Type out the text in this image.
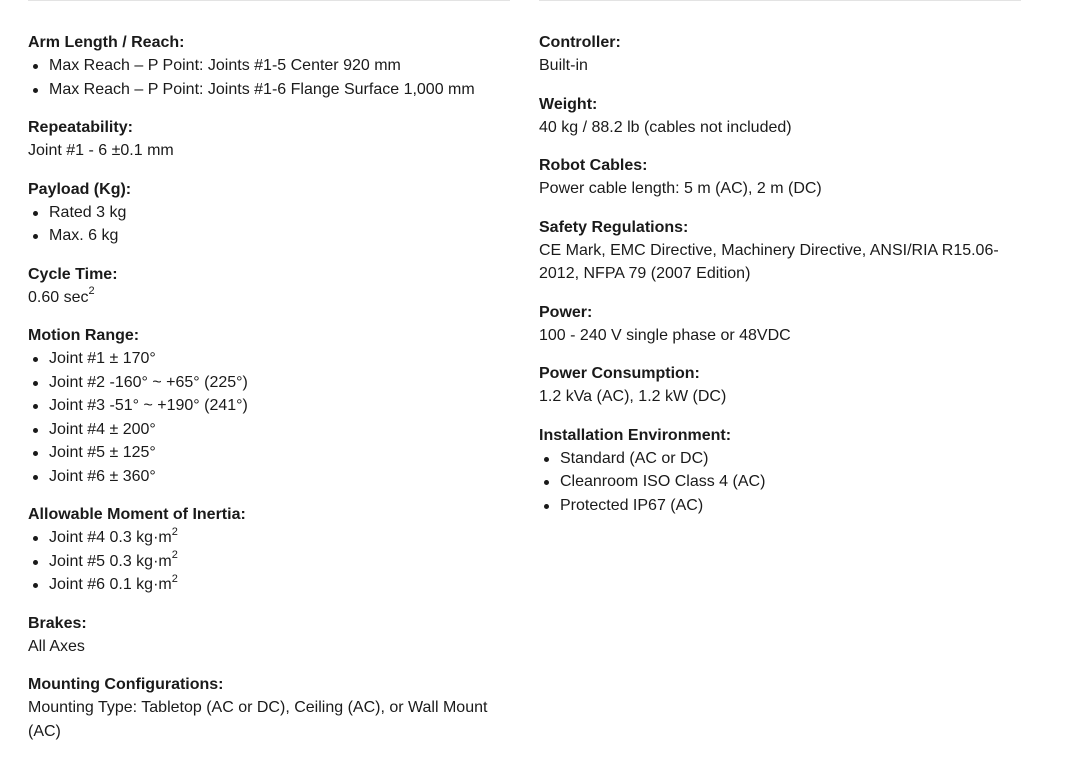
Arm Length / Reach:
Max Reach – P Point: Joints #1-5 Center 920 mm
Max Reach – P Point: Joints #1-6 Flange Surface 1,000 mm
Repeatability:

Joint #1 - 6 ±0.1 mm

Payload (Kg):
Rated 3 kg
Max. 6 kg
Cycle Time:

0.60 $\sec^2$

Motion Range:
Joint #1 ± 170°
Joint #2 -160° ~ +65° (225°)
Joint #3 -51° ~ +190° (241°)
Joint #4 ± 200°
Joint #5 ± 125°
Joint #6 ± 360°
Allowable Moment of Inertia:
Joint #4 0.3 $kg\cdot m^2$
Joint #5 0.3 $kg\cdot m^2$
Joint #6 0.1 $kg\cdot m^2$
Brakes:

All Axes

Mounting Configurations:

Mounting Type: Tabletop (AC or DC), Ceiling (AC), or Wall Mount (AC)

Controller:

Built-in

Weight:

40 kg / 88.2 lb (cables not included)

Robot Cables:

Power cable length: 5 m (AC), 2 m (DC)

Safety Regulations:

CE Mark, EMC Directive, Machinery Directive, ANSI/RIA R15.06-2012, NFPA 79 (2007 Edition)

Power:

100 - 240 V single phase or 48VDC

Power Consumption:

1.2 kVa (AC), 1.2 kW (DC)

Installation Environment:
Standard (AC or DC)
Cleanroom ISO Class 4 (AC)
Protected IP67 (AC)
